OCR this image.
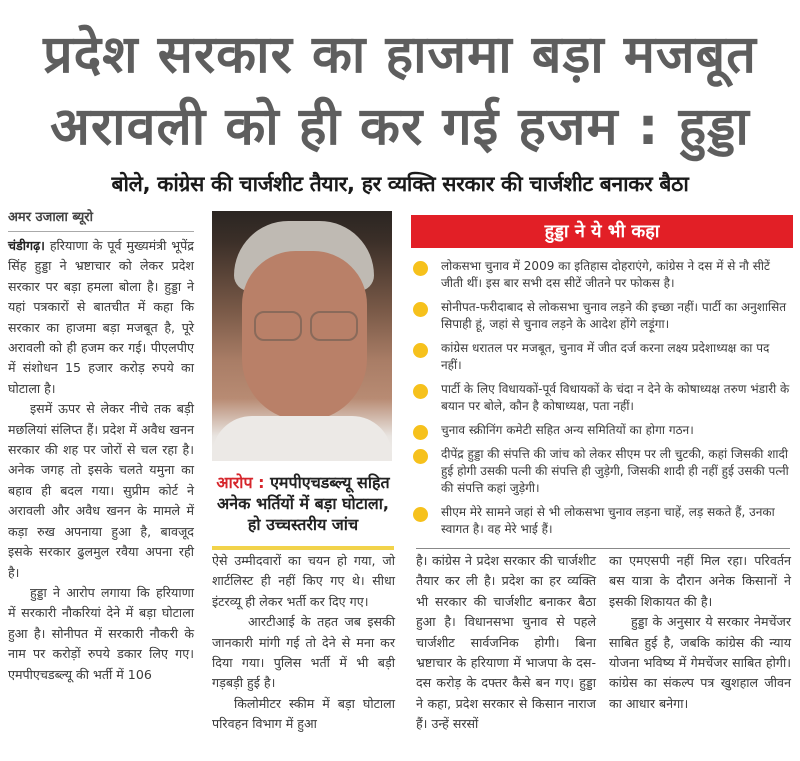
प्रदेश सरकार का हाजमा बड़ा मजबूत
अरावली को ही कर गई हजम : हुड्डा
बोले, कांग्रेस की चार्जशीट तैयार, हर व्यक्ति सरकार की चार्जशीट बनाकर बैठा
अमर उजाला ब्यूरो

चंडीगढ़। हरियाणा के पूर्व मुख्यमंत्री भूपेंद्र सिंह हुड्डा ने भ्रष्टाचार को लेकर प्रदेश सरकार पर बड़ा हमला बोला है। हुड्डा ने यहां पत्रकारों से बातचीत में कहा कि सरकार का हाजमा बड़ा मजबूत है, पूरे अरावली को ही हजम कर गई। पीएलपीए में संशोधन 15 हजार करोड़ रुपये का घोटाला है।

इसमें ऊपर से लेकर नीचे तक बड़ी मछलियां संलिप्त हैं। प्रदेश में अवैध खनन सरकार की शह पर जोरों से चल रहा है। अनेक जगह तो इसके चलते यमुना का बहाव ही बदल गया। सुप्रीम कोर्ट ने अरावली और अवैध खनन के मामले में कड़ा रुख अपनाया हुआ है, बावजूद इसके सरकार ढुलमुल रवैया अपना रही है।

हुड्डा ने आरोप लगाया कि हरियाणा में सरकारी नौकरियां देने में बड़ा घोटाला हुआ है। सोनीपत में सरकारी नौकरी के नाम पर करोड़ों रुपये डकार लिए गए। एमपीएचडब्ल्यू की भर्ती में 106

आरोप : एमपीएचडब्ल्यू सहित अनेक भर्तियों में बड़ा घोटाला, हो उच्चस्तरीय जांच

ऐसे उम्मीदवारों का चयन हो गया, जो शार्टलिस्ट ही नहीं किए गए थे। सीधा इंटरव्यू ही लेकर भर्ती कर दिए गए।

आरटीआई के तहत जब इसकी जानकारी मांगी गई तो देने से मना कर दिया गया। पुलिस भर्ती में भी बड़ी गड़बड़ी हुई है।

किलोमीटर स्कीम में बड़ा घोटाला परिवहन विभाग में हुआ

हुड्डा ने ये भी कहा
लोकसभा चुनाव में 2009 का इतिहास दोहराएंगे, कांग्रेस ने दस में से नौ सीटें जीती थीं। इस बार सभी दस सीटें जीतने पर फोकस है।
सोनीपत-फरीदाबाद से लोकसभा चुनाव लड़ने की इच्छा नहीं। पार्टी का अनुशासित सिपाही हूं, जहां से चुनाव लड़ने के आदेश होंगे लड़ूंगा।
कांग्रेस धरातल पर मजबूत, चुनाव में जीत दर्ज करना लक्ष्य प्रदेशाध्यक्ष का पद नहीं।
पार्टी के लिए विधायकों-पूर्व विधायकों के चंदा न देने के कोषाध्यक्ष तरुण भंडारी के बयान पर बोले, कौन है कोषाध्यक्ष, पता नहीं।
चुनाव स्क्रीनिंग कमेटी सहित अन्य समितियों का होगा गठन।
दीपेंद्र हुड्डा की संपत्ति की जांच को लेकर सीएम पर ली चुटकी, कहां जिसकी शादी हुई होगी उसकी पत्नी की संपत्ति ही जुड़ेगी, जिसकी शादी ही नहीं हुई उसकी पत्नी की संपत्ति कहां जुड़ेगी।
सीएम मेरे सामने जहां से भी लोकसभा चुनाव लड़ना चाहें, लड़ सकते हैं, उनका स्वागत है। वह मेरे भाई हैं।

है। कांग्रेस ने प्रदेश सरकार की चार्जशीट तैयार कर ली है। प्रदेश का हर व्यक्ति भी सरकार की चार्जशीट बनाकर बैठा हुआ है। विधानसभा चुनाव से पहले चार्जशीट सार्वजनिक होगी। बिना भ्रष्टाचार के हरियाणा में भाजपा के दस-दस करोड़ के दफ्तर कैसे बन गए। हुड्डा ने कहा, प्रदेश सरकार से किसान नाराज हैं। उन्हें सरसों

का एमएसपी नहीं मिल रहा। परिवर्तन बस यात्रा के दौरान अनेक किसानों ने इसकी शिकायत की है।

हुड्डा के अनुसार ये सरकार नेमचेंजर साबित हुई है, जबकि कांग्रेस की न्याय योजना भविष्य में गेमचेंजर साबित होगी। कांग्रेस का संकल्प पत्र खुशहाल जीवन का आधार बनेगा।
